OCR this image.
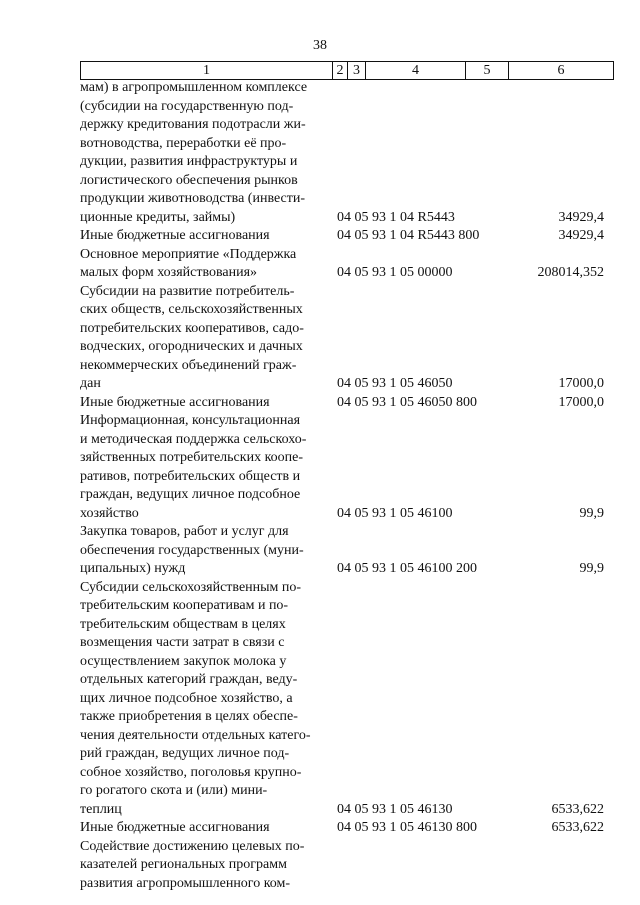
38
1	2	3	4	5	6
мам) в агропромышленном комплексе
(субсидии на государственную под-
держку кредитования подотрасли жи-
вотноводства, переработки её про-
дукции, развития инфраструктуры и
логистического обеспечения рынков
продукции животноводства (инвести-
ционные кредиты, займы)	04 05 93 1 04 R5443	34929,4
Иные бюджетные ассигнования	04 05 93 1 04 R5443 800	34929,4
Основное мероприятие «Поддержка
малых форм хозяйствования»	04 05 93 1 05 00000	208014,352
Субсидии на развитие потребитель-
ских обществ, сельскохозяйственных
потребительских кооперативов, садо-
водческих, огороднических и дачных
некоммерческих объединений граж-
дан	04 05 93 1 05 46050	17000,0
Иные бюджетные ассигнования	04 05 93 1 05 46050 800	17000,0
Информационная, консультационная
и методическая поддержка сельскохо-
зяйственных потребительских коопе-
ративов, потребительских обществ и
граждан, ведущих личное подсобное
хозяйство	04 05 93 1 05 46100	99,9
Закупка товаров, работ и услуг для
обеспечения государственных (муни-
ципальных) нужд	04 05 93 1 05 46100 200	99,9
Субсидии сельскохозяйственным по-
требительским кооперативам и по-
требительским обществам в целях
возмещения части затрат в связи с
осуществлением закупок молока у
отдельных категорий граждан, веду-
щих личное подсобное хозяйство, а
также приобретения в целях обеспе-
чения деятельности отдельных катего-
рий граждан, ведущих личное под-
собное хозяйство, поголовья крупно-
го рогатого скота и (или) мини-
теплиц	04 05 93 1 05 46130	6533,622
Иные бюджетные ассигнования	04 05 93 1 05 46130 800	6533,622
Содействие достижению целевых по-
казателей региональных программ
развития агропромышленного ком-
